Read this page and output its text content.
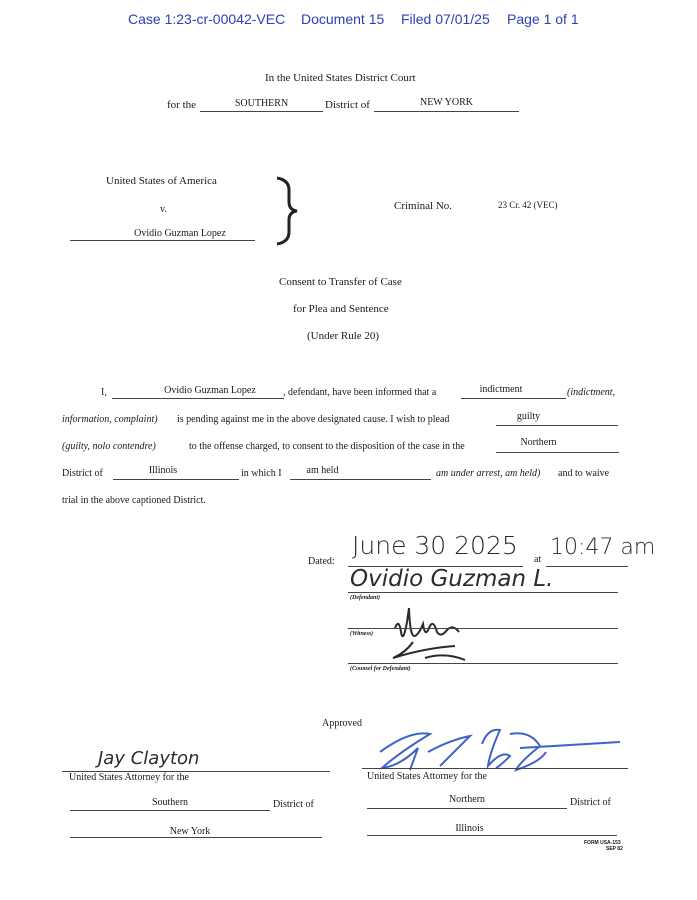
Case 1:23-cr-00042-VEC Document 15 Filed 07/01/25 Page 1 of 1
In the United States District Court
for the	SOUTHERN	District of	NEW YORK
United States of America
v.
Ovidio Guzman Lopez
Criminal No.	23 Cr. 42 (VEC)
Consent to Transfer of Case
for Plea and Sentence
(Under Rule 20)
I,	Ovidio Guzman Lopez	, defendant, have been informed that a	indictment	(indictment,
information, complaint) is pending against me in the above designated cause. I wish to plead	guilty
(guilty, nolo contendre)	to the offense charged, to consent to the disposition of the case in the	Northern
District of	Illinois	in which I	am held	am under arrest, am held) and to waive
trial in the above captioned District.
Dated:
June 30 2025 at 10:47 am
Ovidio Guzman L.
(Defendant)
(Witness)
(Counsel for Defendant)
Approved
Jay Clayton
United States Attorney for the
Southern	District of
New York
United States Attorney for the
Northern	District of
Illinois
FORM USA-153
SEP 82
